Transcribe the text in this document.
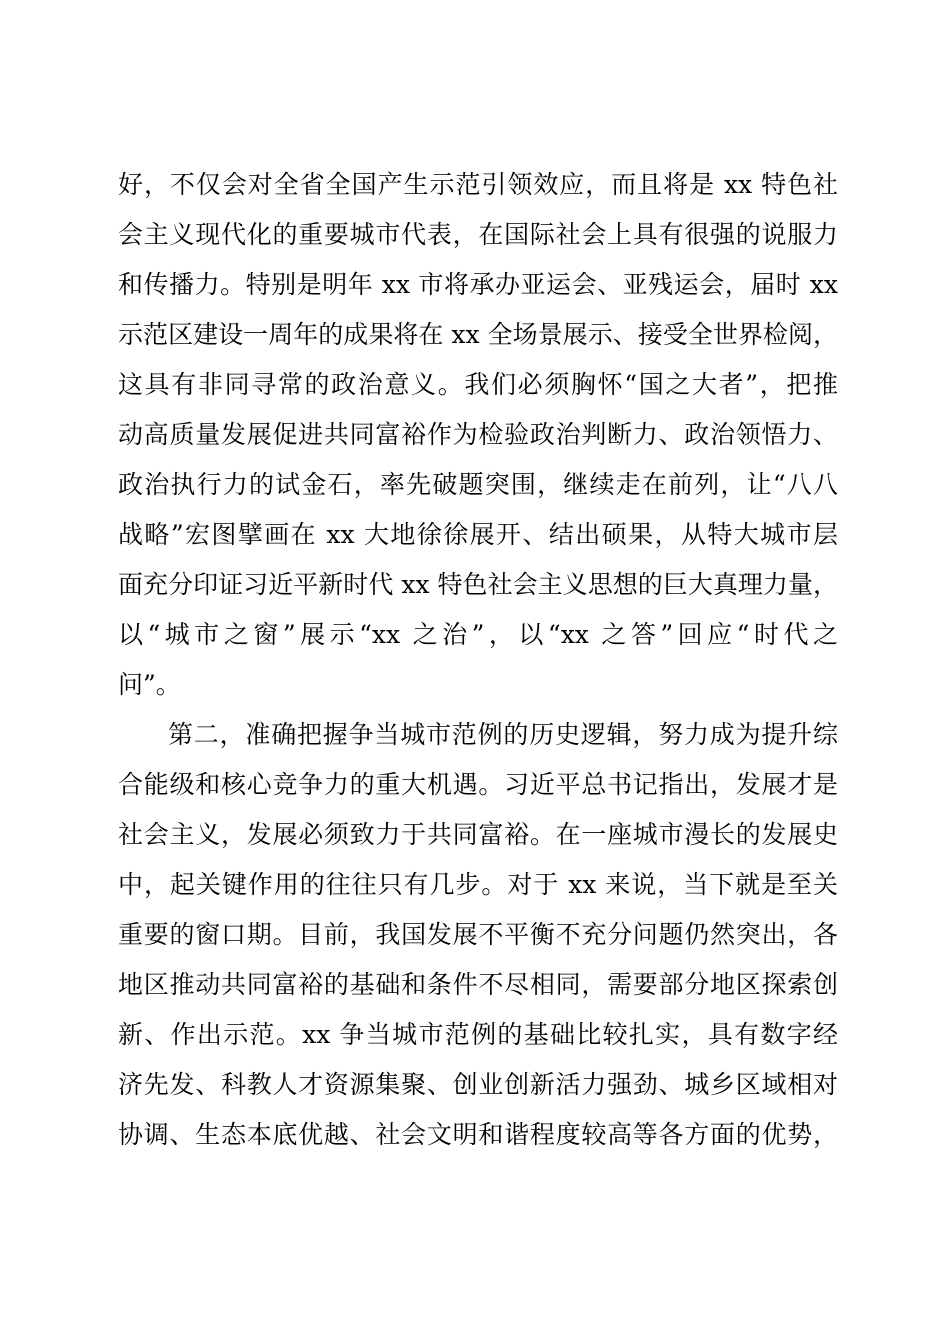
好，不仅会对全省全国产生示范引领效应，而且将是 xx 特色社
会主义现代化的重要城市代表，在国际社会上具有很强的说服力
和传播力。特别是明年 xx 市将承办亚运会、亚残运会，届时 xx
示范区建设一周年的成果将在 xx 全场景展示、接受全世界检阅，
这具有非同寻常的政治意义。我们必须胸怀“国之大者”，把推
动高质量发展促进共同富裕作为检验政治判断力、政治领悟力、
政治执行力的试金石，率先破题突围，继续走在前列，让“八八
战略”宏图擘画在 xx 大地徐徐展开、结出硕果，从特大城市层
面充分印证习近平新时代 xx 特色社会主义思想的巨大真理力量，
以“城市之窗”展示“xx 之治”，以“xx 之答”回应“时代之
问”。
第二，准确把握争当城市范例的历史逻辑，努力成为提升综
合能级和核心竞争力的重大机遇。习近平总书记指出，发展才是
社会主义，发展必须致力于共同富裕。在一座城市漫长的发展史
中，起关键作用的往往只有几步。对于 xx 来说，当下就是至关
重要的窗口期。目前，我国发展不平衡不充分问题仍然突出，各
地区推动共同富裕的基础和条件不尽相同，需要部分地区探索创
新、作出示范。xx 争当城市范例的基础比较扎实，具有数字经
济先发、科教人才资源集聚、创业创新活力强劲、城乡区域相对
协调、生态本底优越、社会文明和谐程度较高等各方面的优势，
